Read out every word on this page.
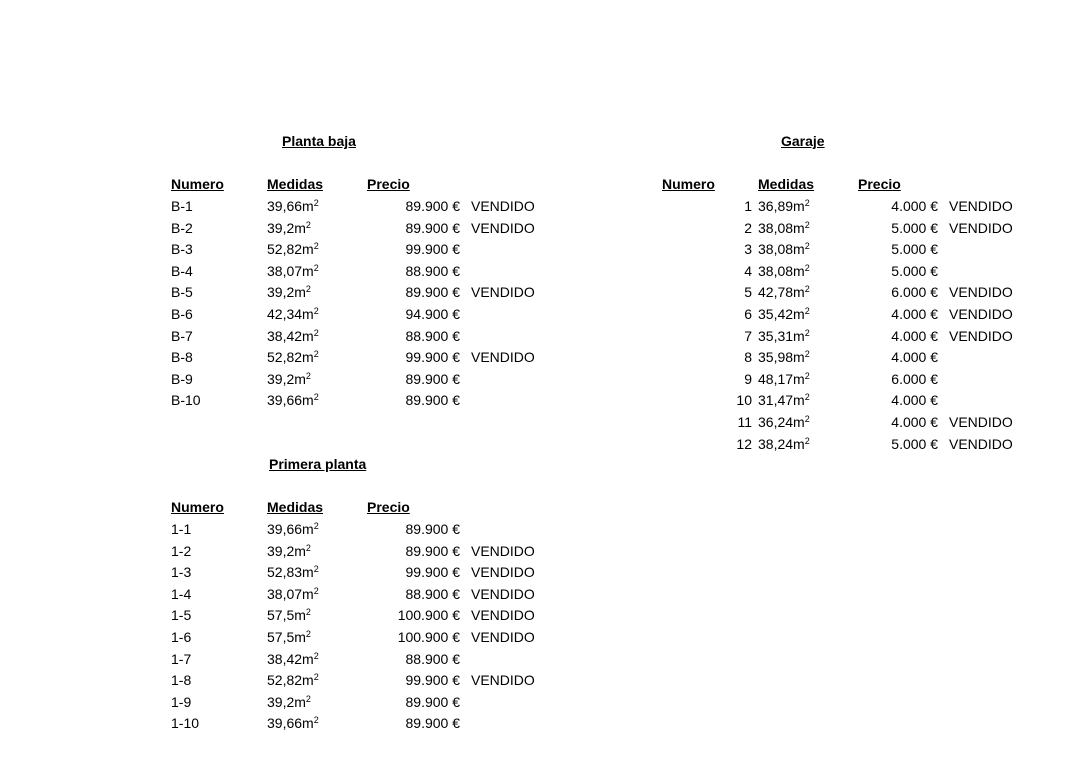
Planta baja	Garaje
Primera planta
Numero	Medidas	Precio
B-1	$39,66m^2$	89.900 € VENDIDO
B-2	$39,2m^2$	89.900 € VENDIDO
B-3	$52,82m^2$	99.900 €
B-4	$38,07m^2$	88.900 €
B-5	$39,2m^2$	89.900 € VENDIDO
B-6	$42,34m^2$	94.900 €
B-7	$38,42m^2$	88.900 €
B-8	$52,82m^2$	99.900 € VENDIDO
B-9	$39,2m^2$	89.900 €
B-10	$39,66m^2$	89.900 €
Numero	Medidas	Precio
1-1	$39,66m^2$	89.900 €
1-2	$39,2m^2$	89.900 € VENDIDO
1-3	$52,83m^2$	99.900 € VENDIDO
1-4	$38,07m^2$	88.900 € VENDIDO
1-5	$57,5m^2$	100.900 € VENDIDO
1-6	$57,5m^2$	100.900 € VENDIDO
1-7	$38,42m^2$	88.900 €
1-8	$52,82m^2$	99.900 € VENDIDO
1-9	$39,2m^2$	89.900 €
1-10	$39,66m^2$	89.900 €
Numero	Medidas	Precio
1 $36,89m^2$	4.000 € VENDIDO
2 $38,08m^2$	5.000 € VENDIDO
3 $38,08m^2$	5.000 €
4 $38,08m^2$	5.000 €
5 $42,78m^2$	6.000 € VENDIDO
6 $35,42m^2$	4.000 € VENDIDO
7 $35,31m^2$	4.000 € VENDIDO
8 $35,98m^2$	4.000 €
9 $48,17m^2$	6.000 €
10 $31,47m^2$	4.000 €
11 $36,24m^2$	4.000 € VENDIDO
12 $38,24m^2$	5.000 € VENDIDO
